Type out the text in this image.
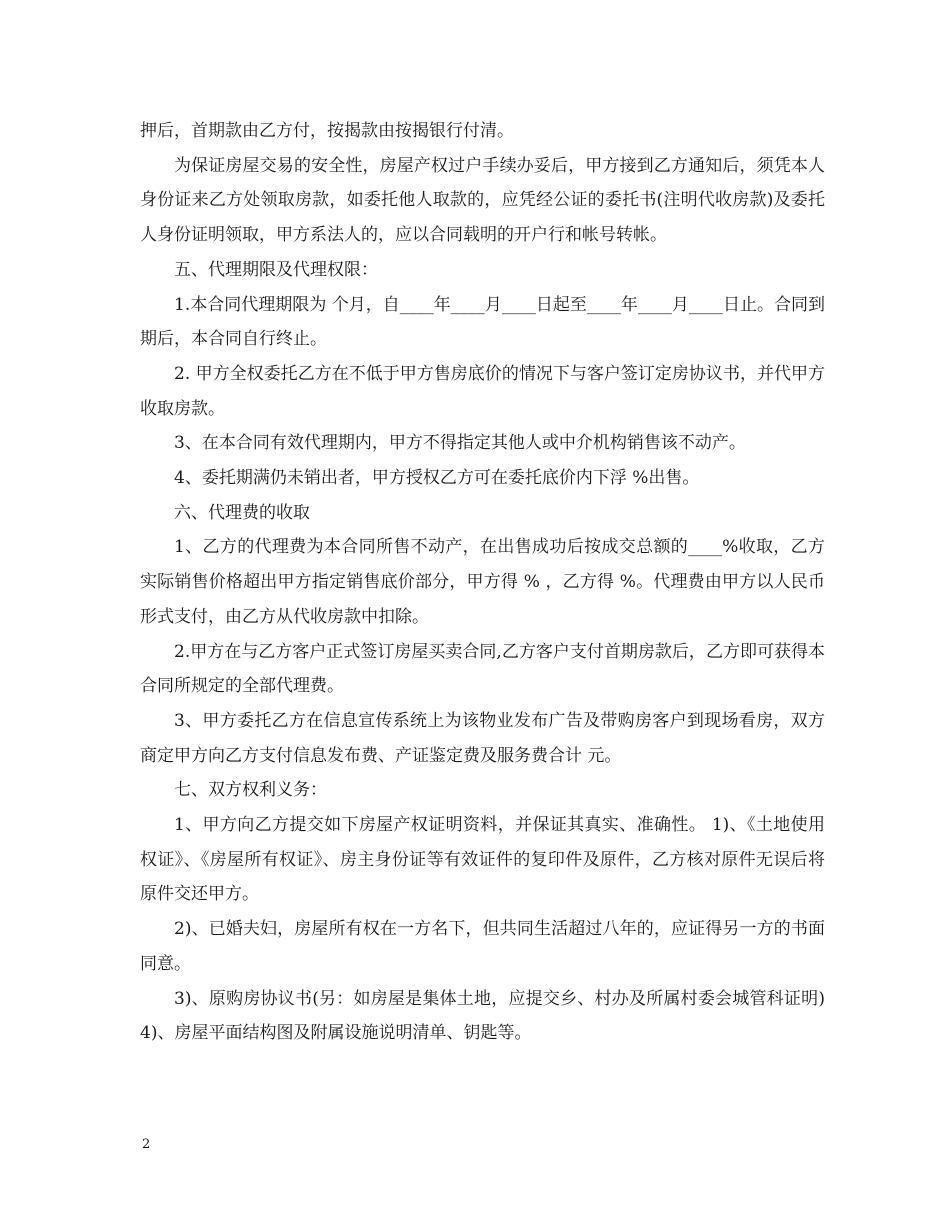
押后，首期款由乙方付，按揭款由按揭银行付清。

为保证房屋交易的安全性，房屋产权过户手续办妥后，甲方接到乙方通知后，须凭本人身份证来乙方处领取房款，如委托他人取款的，应凭经公证的委托书(注明代收房款)及委托人身份证明领取，甲方系法人的，应以合同载明的开户行和帐号转帐。

五、代理期限及代理权限：

1.本合同代理期限为 个月，自____年____月____日起至____年____月____日止。合同到期后，本合同自行终止。

2. 甲方全权委托乙方在不低于甲方售房底价的情况下与客户签订定房协议书，并代甲方收取房款。

3、在本合同有效代理期内，甲方不得指定其他人或中介机构销售该不动产。

4、委托期满仍未销出者，甲方授权乙方可在委托底价内下浮 %出售。

六、代理费的收取

1、乙方的代理费为本合同所售不动产，在出售成功后按成交总额的____%收取，乙方实际销售价格超出甲方指定销售底价部分，甲方得 % ，乙方得 %。代理费由甲方以人民币形式支付，由乙方从代收房款中扣除。

2.甲方在与乙方客户正式签订房屋买卖合同,乙方客户支付首期房款后，乙方即可获得本合同所规定的全部代理费。

3、甲方委托乙方在信息宣传系统上为该物业发布广告及带购房客户到现场看房，双方商定甲方向乙方支付信息发布费、产证鉴定费及服务费合计 元。

七、双方权利义务：

1、甲方向乙方提交如下房屋产权证明资料，并保证其真实、准确性。 1)、《土地使用权证》、《房屋所有权证》、房主身份证等有效证件的复印件及原件，乙方核对原件无误后将原件交还甲方。

2)、已婚夫妇，房屋所有权在一方名下，但共同生活超过八年的，应证得另一方的书面同意。

3)、原购房协议书(另：如房屋是集体土地，应提交乡、村办及所属村委会城管科证明) 4)、房屋平面结构图及附属设施说明清单、钥匙等。

2
